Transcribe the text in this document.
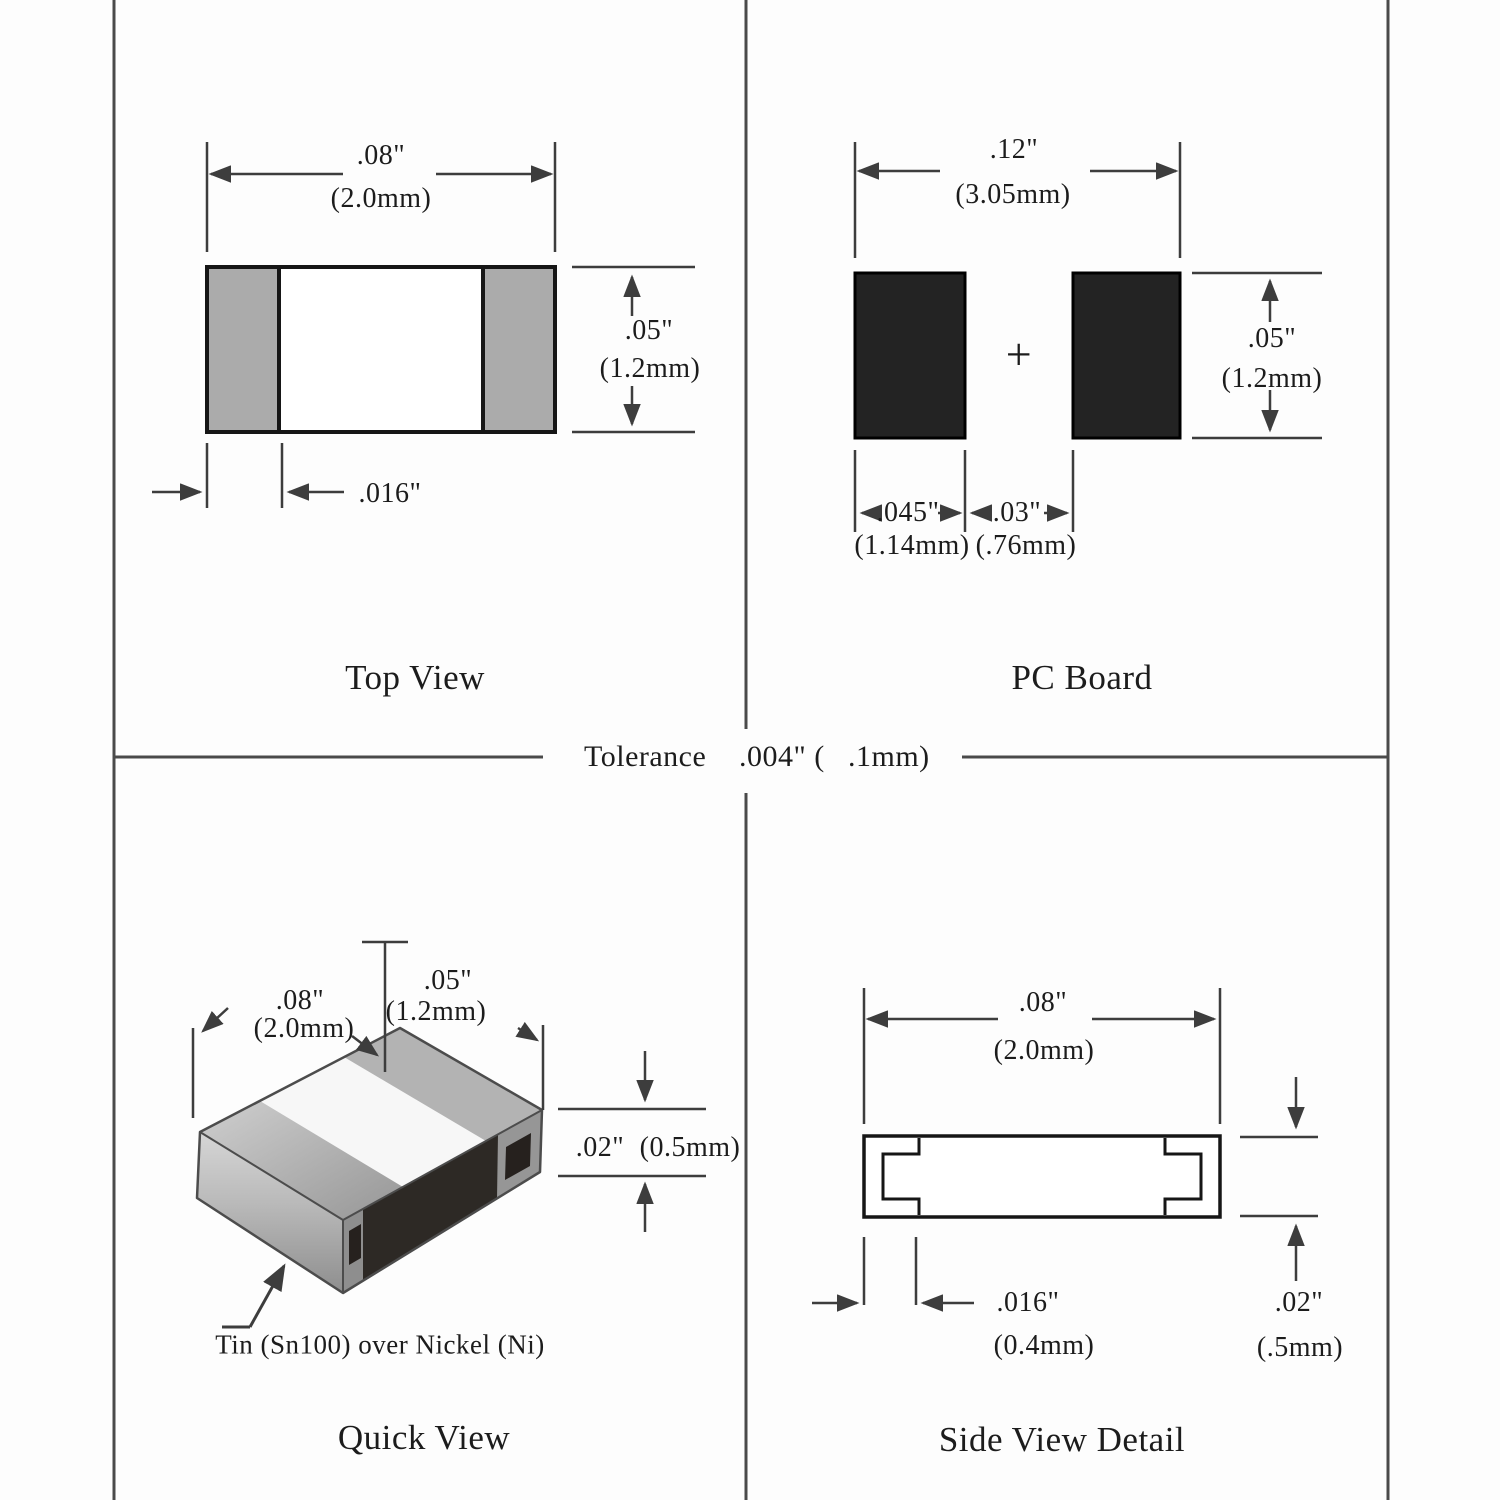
.08"
(2.0mm)
.05"
(1.2mm)
.016"
Top View
.12"
(3.05mm)
+	.05"
(1.2mm)
.045" .03"
(1.14mm) (.76mm)
PC Board
Tolerance .004" ( .1mm)
.08"
(2.0mm)
.05"
(1.2mm)
.02" (0.5mm)
Tin (Sn100) over Nickel (Ni)
Quick View
.08"
(2.0mm)
.016"
(0.4mm)
.02"
(.5mm)
Side View Detail
